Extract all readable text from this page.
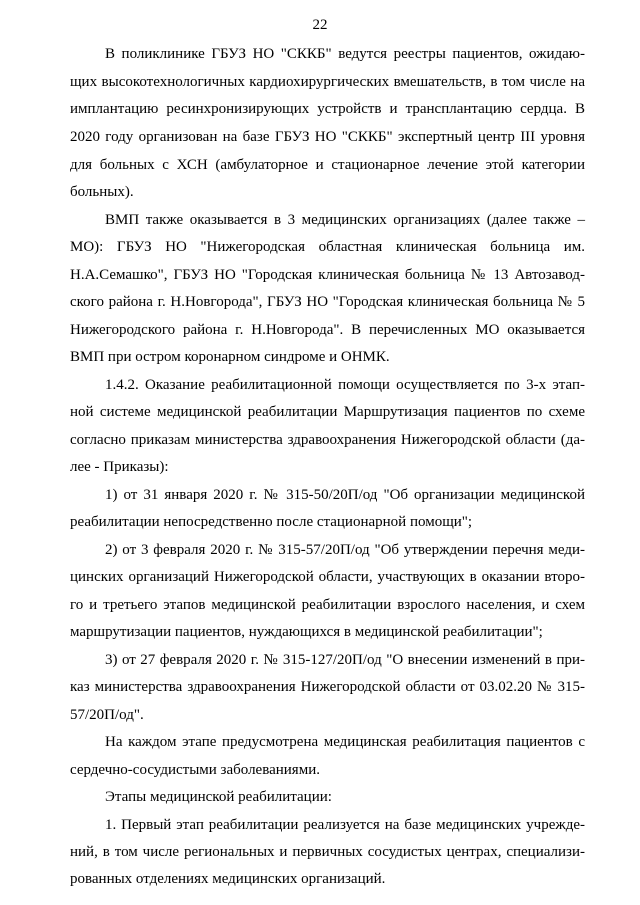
22
В поликлинике ГБУЗ НО "СККБ" ведутся реестры пациентов, ожидаю-
щих высокотехнологичных кардиохирургических вмешательств, в том числе на
имплантацию ресинхронизирующих устройств и трансплантацию сердца. В
2020 году организован на базе ГБУЗ НО "СККБ" экспертный центр III уровня
для больных с ХСН (амбулаторное и стационарное лечение этой категории
больных).
ВМП также оказывается в 3 медицинских организациях (далее также –
МО): ГБУЗ НО "Нижегородская областная клиническая больница им.
Н.А.Семашко", ГБУЗ НО "Городская клиническая больница № 13 Автозавод-
ского района г. Н.Новгорода", ГБУЗ НО "Городская клиническая больница № 5
Нижегородского района г. Н.Новгорода". В перечисленных МО оказывается
ВМП при остром коронарном синдроме и ОНМК.
1.4.2. Оказание реабилитационной помощи осуществляется по 3-х этап-
ной системе медицинской реабилитации Маршрутизация пациентов по схеме
согласно приказам министерства здравоохранения Нижегородской области (да-
лее - Приказы):
1) от 31 января 2020 г. № 315-50/20П/од "Об организации медицинской
реабилитации непосредственно после стационарной помощи";
2) от 3 февраля 2020 г. № 315-57/20П/од "Об утверждении перечня меди-
цинских организаций Нижегородской области, участвующих в оказании второ-
го и третьего этапов медицинской реабилитации взрослого населения, и схем
маршрутизации пациентов, нуждающихся в медицинской реабилитации";
3) от 27 февраля 2020 г. № 315-127/20П/од "О внесении изменений в при-
каз министерства здравоохранения Нижегородской области от 03.02.20 № 315-
57/20П/од".
На каждом этапе предусмотрена медицинская реабилитация пациентов с
сердечно-сосудистыми заболеваниями.
Этапы медицинской реабилитации:
1. Первый этап реабилитации реализуется на базе медицинских учрежде-
ний, в том числе региональных и первичных сосудистых центрах, специализи-
рованных отделениях медицинских организаций.
